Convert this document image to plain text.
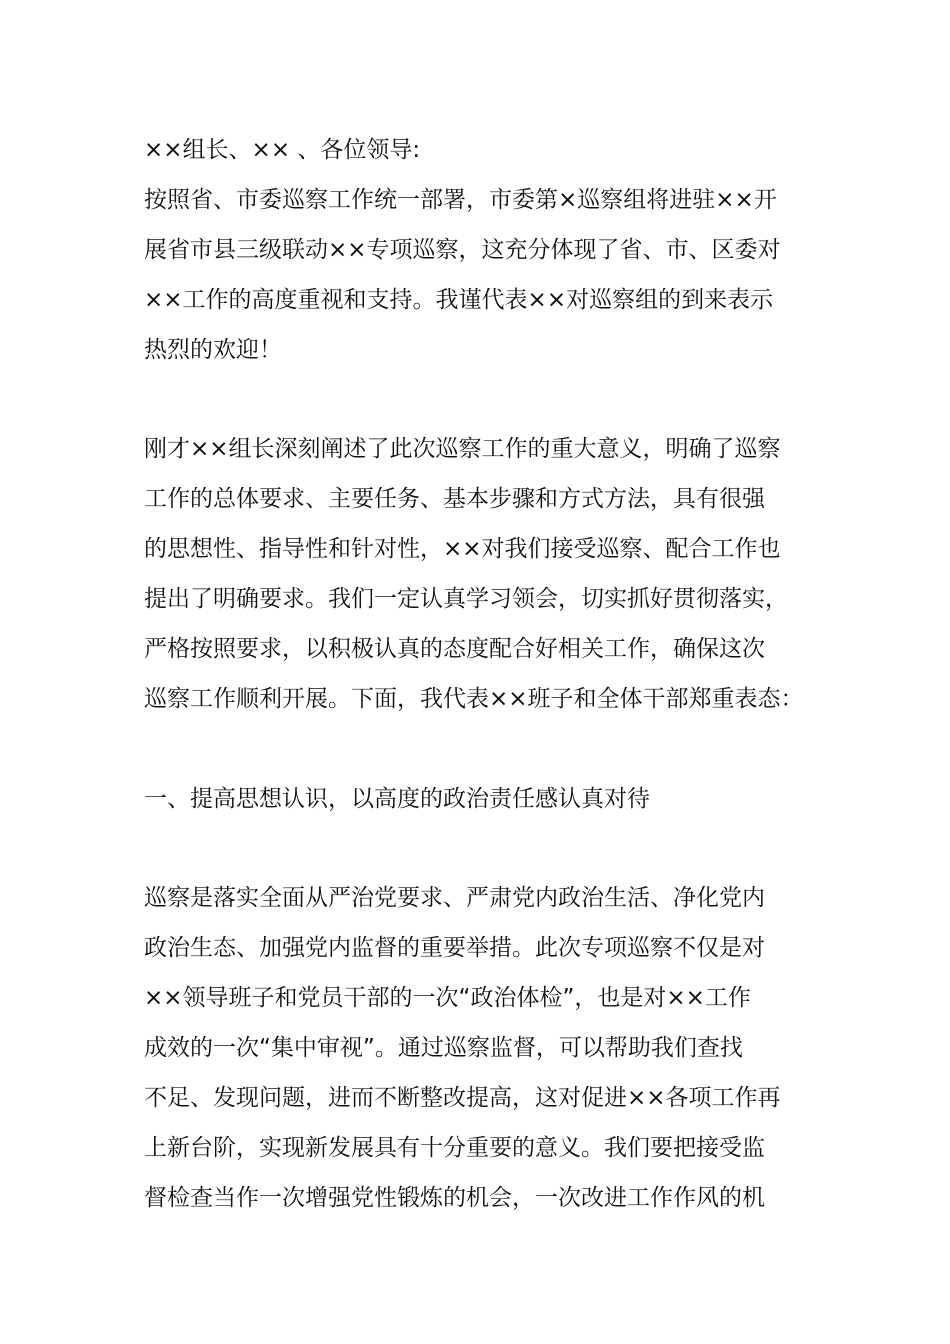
××组长、×× 、各位领导:
按照省、市委巡察工作统一部署，市委第×巡察组将进驻××开
展省市县三级联动××专项巡察，这充分体现了省、市、区委对
××工作的高度重视和支持。我谨代表××对巡察组的到来表示
热烈的欢迎！
刚才××组长深刻阐述了此次巡察工作的重大意义，明确了巡察
工作的总体要求、主要任务、基本步骤和方式方法，具有很强
的思想性、指导性和针对性，××对我们接受巡察、配合工作也
提出了明确要求。我们一定认真学习领会，切实抓好贯彻落实，
严格按照要求，以积极认真的态度配合好相关工作，确保这次
巡察工作顺利开展。下面，我代表××班子和全体干部郑重表态：
一、提高思想认识，以高度的政治责任感认真对待
巡察是落实全面从严治党要求、严肃党内政治生活、净化党内
政治生态、加强党内监督的重要举措。此次专项巡察不仅是对
××领导班子和党员干部的一次“政治体检”，也是对××工作
成效的一次“集中审视”。通过巡察监督，可以帮助我们查找
不足、发现问题，进而不断整改提高，这对促进××各项工作再
上新台阶，实现新发展具有十分重要的意义。我们要把接受监
督检查当作一次增强党性锻炼的机会，一次改进工作作风的机
